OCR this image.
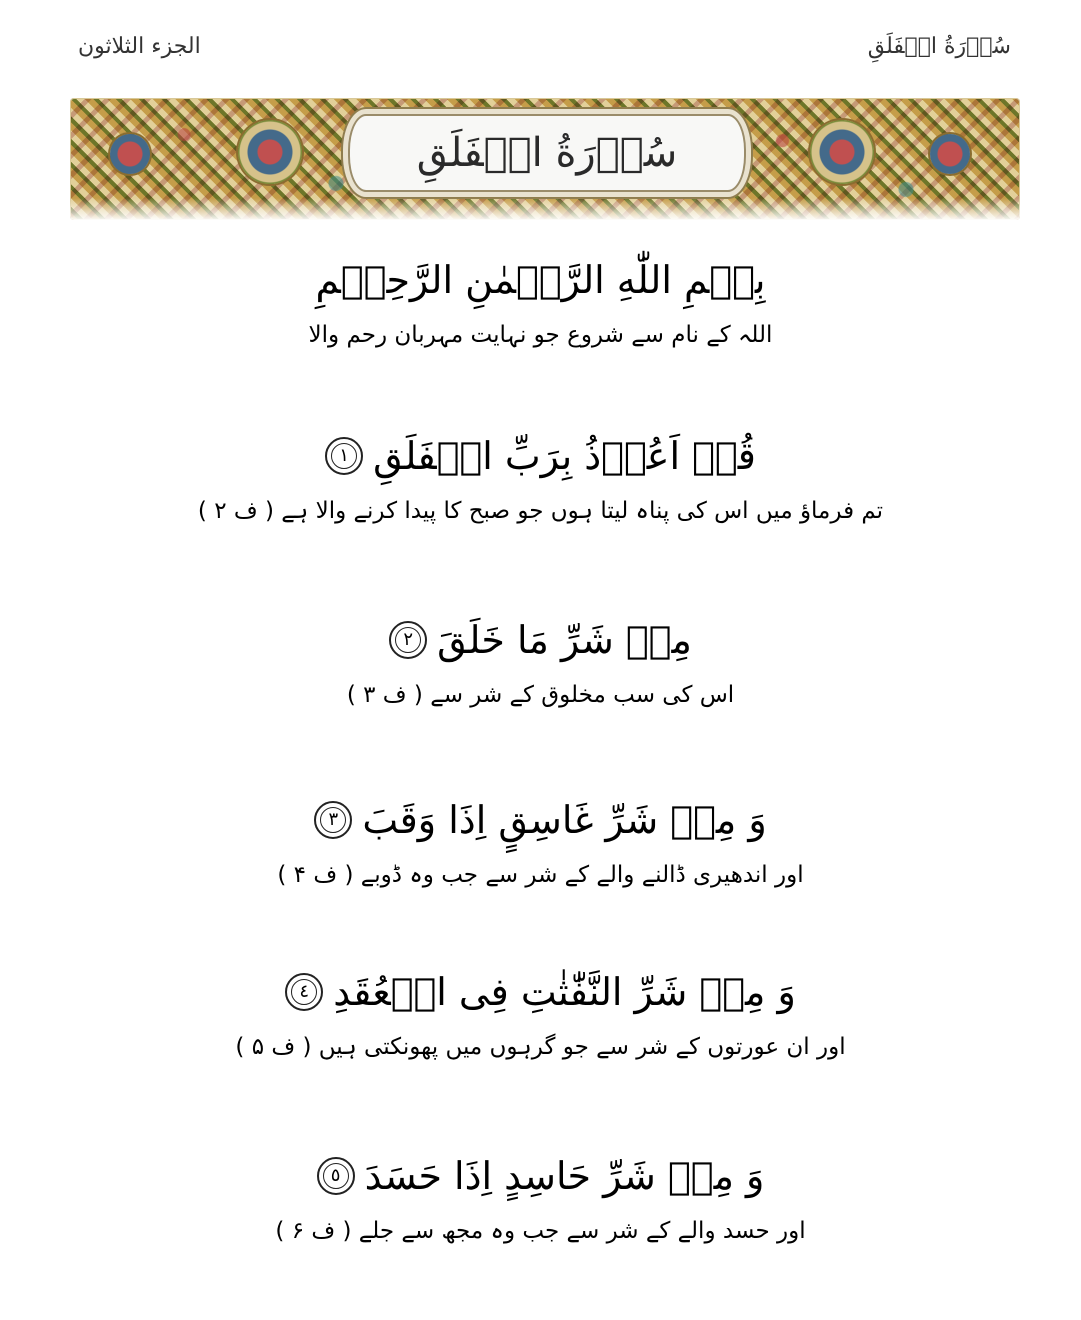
الجزء الثلاثون	سُوۡرَةُ الۡفَلَقِ
سُوۡرَةُ الۡفَلَقِ
بِسۡمِ اللّٰهِ الرَّحۡمٰنِ الرَّحِيۡمِ
اللہ کے نام سے شروع جو نہایت مہربان رحم والا
قُلۡ اَعُوۡذُ بِرَبِّ الۡفَلَقِ
١
تم فرماؤ میں اس کی پناہ لیتا ہوں جو صبح کا پیدا کرنے والا ہے ( ف ۲ )
مِنۡ شَرِّ مَا خَلَقَ
٢
اس کی سب مخلوق کے شر سے ( ف ۳ )
وَ مِنۡ شَرِّ غَاسِقٍ اِذَا وَقَبَ
٣
اور اندھیری ڈالنے والے کے شر سے جب وہ ڈوبے ( ف ۴ )
وَ مِنۡ شَرِّ النَّفّٰثٰتِ فِى الۡعُقَدِ
٤
اور ان عورتوں کے شر سے جو گرہوں میں پھونکتی ہیں ( ف ۵ )
وَ مِنۡ شَرِّ حَاسِدٍ اِذَا حَسَدَ
٥
اور حسد والے کے شر سے جب وہ مجھ سے جلے ( ف ۶ )
